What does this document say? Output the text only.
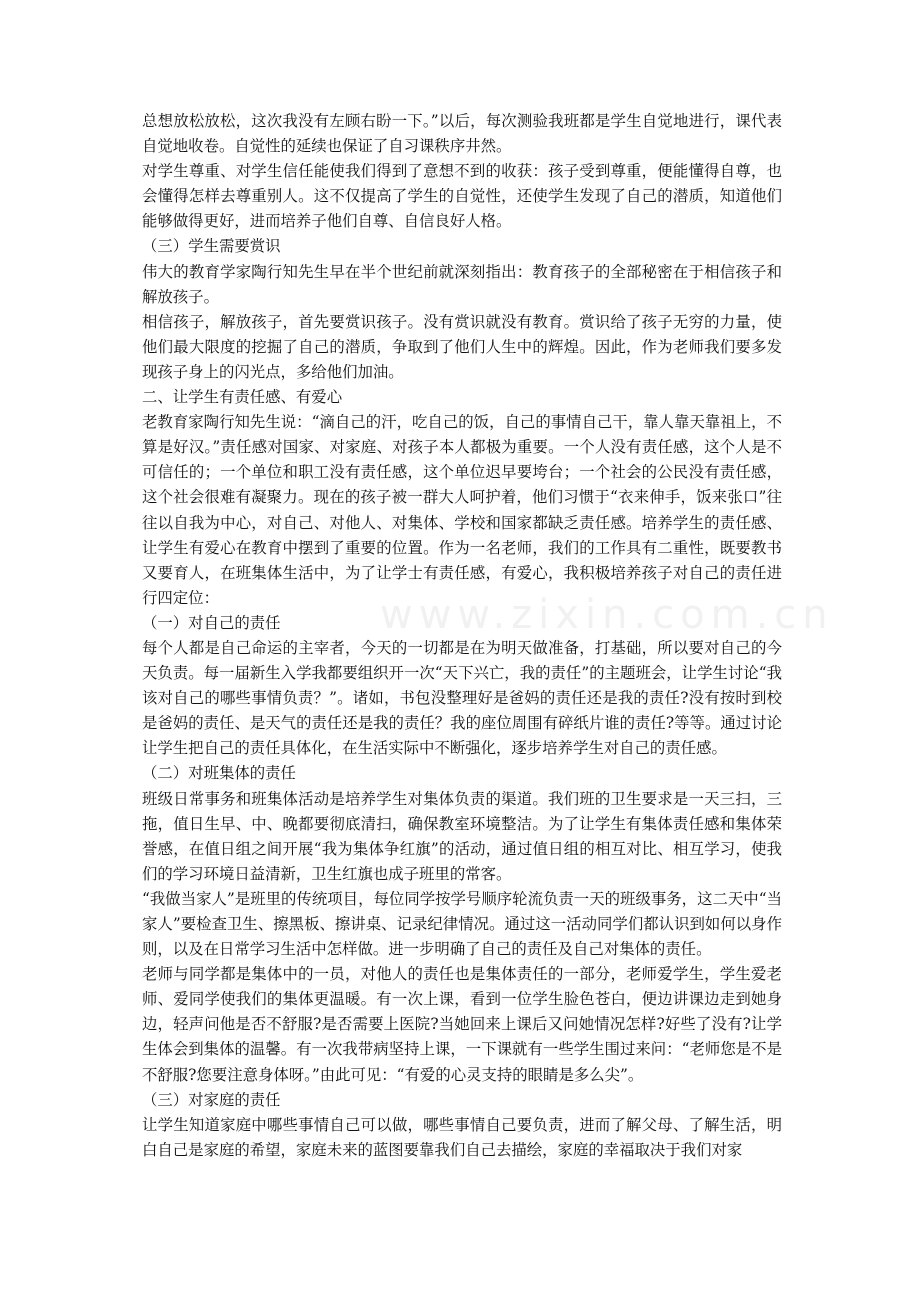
www.zixin.com.cn

总想放松放松，这次我没有左顾右盼一下。”以后，每次测验我班都是学生自觉地进行，课代表自觉地收卷。自觉性的延续也保证了自习课秩序井然。

对学生尊重、对学生信任能使我们得到了意想不到的收获：孩子受到尊重，便能懂得自尊，也会懂得怎样去尊重别人。这不仅提高了学生的自觉性，还使学生发现了自己的潜质，知道他们能够做得更好，进而培养子他们自尊、自信良好人格。

（三）学生需要赏识

伟大的教育学家陶行知先生早在半个世纪前就深刻指出：教育孩子的全部秘密在于相信孩子和解放孩子。

相信孩子，解放孩子，首先要赏识孩子。没有赏识就没有教育。赏识给了孩子无穷的力量，使他们最大限度的挖掘了自己的潜质，争取到了他们人生中的辉煌。因此，作为老师我们要多发现孩子身上的闪光点，多给他们加油。

二、让学生有责任感、有爱心

老教育家陶行知先生说：“滴自己的汗，吃自己的饭，自己的事情自己干，靠人靠天靠祖上，不算是好汉。”责任感对国家、对家庭、对孩子本人都极为重要。一个人没有责任感，这个人是不可信任的；一个单位和职工没有责任感，这个单位迟早要垮台；一个社会的公民没有责任感，这个社会很难有凝聚力。现在的孩子被一群大人呵护着，他们习惯于“衣来伸手，饭来张口”往往以自我为中心，对自己、对他人、对集体、学校和国家都缺乏责任感。培养学生的责任感、让学生有爱心在教育中摆到了重要的位置。作为一名老师，我们的工作具有二重性，既要教书又要育人，在班集体生活中，为了让学士有责任感，有爱心，我积极培养孩子对自己的责任进行四定位：

（一）对自己的责任

每个人都是自己命运的主宰者，今天的一切都是在为明天做准备，打基础，所以要对自己的今天负责。每一届新生入学我都要组织开一次“天下兴亡，我的责任”的主题班会，让学生讨论“我该对自己的哪些事情负责？”。诸如，书包没整理好是爸妈的责任还是我的责任?没有按时到校是爸妈的责任、是天气的责任还是我的责任？我的座位周围有碎纸片谁的责任?等等。通过讨论让学生把自己的责任具体化，在生活实际中不断强化，逐步培养学生对自己的责任感。

（二）对班集体的责任

班级日常事务和班集体活动是培养学生对集体负责的渠道。我们班的卫生要求是一天三扫，三拖，值日生早、中、晚都要彻底清扫，确保教室环境整洁。为了让学生有集体责任感和集体荣誉感，在值日组之间开展“我为集体争红旗”的活动，通过值日组的相互对比、相互学习，使我们的学习环境日益清新，卫生红旗也成子班里的常客。

“我做当家人”是班里的传统项目，每位同学按学号顺序轮流负责一天的班级事务，这二天中“当家人”要检查卫生、擦黑板、擦讲桌、记录纪律情况。通过这一活动同学们都认识到如何以身作则，以及在日常学习生活中怎样做。进一步明确了自己的责任及自己对集体的责任。

老师与同学都是集体中的一员，对他人的责任也是集体责任的一部分，老师爱学生，学生爱老师、爱同学使我们的集体更温暖。有一次上课，看到一位学生脸色苍白，便边讲课边走到她身边，轻声问他是否不舒服?是否需要上医院?当她回来上课后又问她情况怎样?好些了没有?让学生体会到集体的温馨。有一次我带病坚持上课，一下课就有一些学生围过来问：“老师您是不是不舒服?您要注意身体呀。”由此可见：“有爱的心灵支持的眼睛是多么尖”。

（三）对家庭的责任

让学生知道家庭中哪些事情自己可以做，哪些事情自己要负责，进而了解父母、了解生活，明白自己是家庭的希望，家庭未来的蓝图要靠我们自己去描绘，家庭的幸福取决于我们对家
